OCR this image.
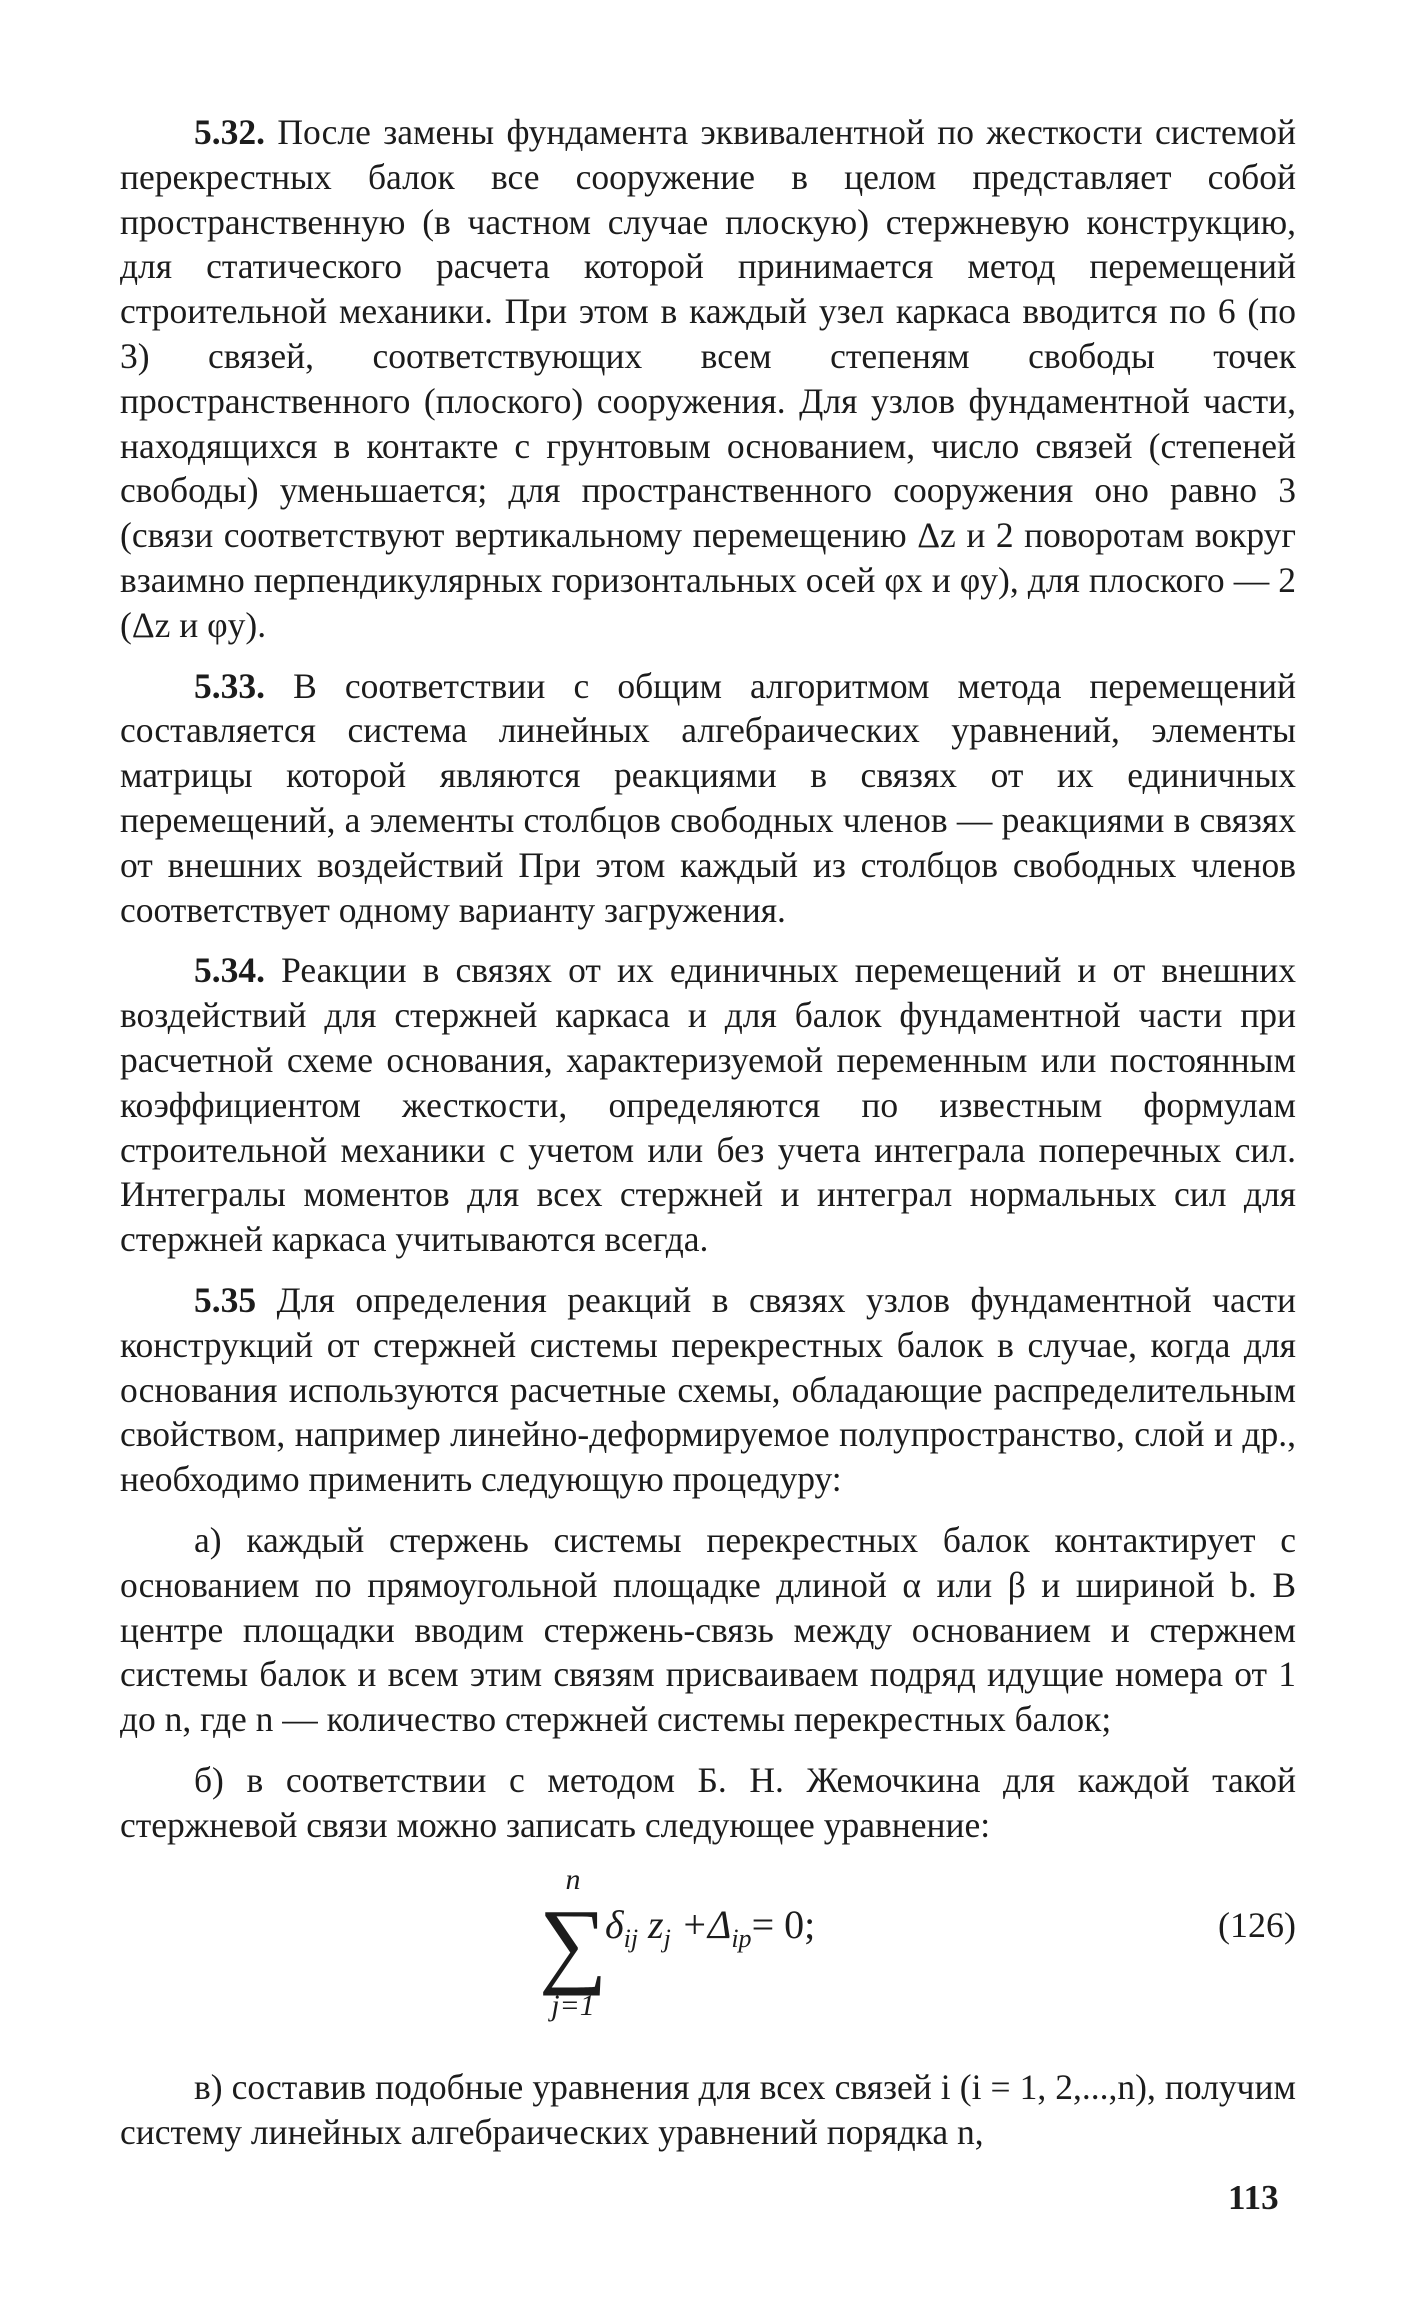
5.32. После замены фундамента эквивалентной по жесткости системой перекрестных балок все сооружение в целом представляет собой пространственную (в частном случае плоскую) стержневую конструкцию, для статического расчета которой принимается метод перемещений строительной механики. При этом в каждый узел каркаса вводится по 6 (по 3) связей, соответствующих всем степеням свободы точек пространственного (плоского) сооружения. Для узлов фундаментной части, находящихся в контакте с грунтовым основанием, число связей (степеней свободы) уменьшается; для пространственного сооружения оно равно 3 (связи соответствуют вертикальному перемещению Δz и 2 поворотам вокруг взаимно перпендикулярных горизонтальных осей φx и φy), для плоского — 2 (Δz и φy).

5.33. В соответствии с общим алгоритмом метода перемещений составляется система линейных алгебраических уравнений, элементы матрицы которой являются реакциями в связях от их единичных перемещений, а элементы столбцов свободных членов — реакциями в связях от внешних воздействий При этом каждый из столбцов свободных членов соответствует одному варианту загружения.

5.34. Реакции в связях от их единичных перемещений и от внешних воздействий для стержней каркаса и для балок фундаментной части при расчетной схеме основания, характеризуемой переменным или постоянным коэффициентом жесткости, определяются по известным формулам строительной механики с учетом или без учета интеграла поперечных сил. Интегралы моментов для всех стержней и интеграл нормальных сил для стержней каркаса учитываются всегда.

5.35 Для определения реакций в связях узлов фундаментной части конструкций от стержней системы перекрестных балок в случае, когда для основания используются расчетные схемы, обладающие распределительным свойством, например линейно-деформируемое полупространство, слой и др., необходимо применить следующую процедуру:

а) каждый стержень системы перекрестных балок контактирует с основанием по прямоугольной площадке длиной α или β и шириной b. В центре площадки вводим стержень-связь между основанием и стержнем системы балок и всем этим связям присваиваем подряд идущие номера от 1 до n, где n — количество стержней системы перекрестных балок;

б) в соответствии с методом Б. Н. Жемочкина для каждой такой стержневой связи можно записать следующее уравнение:

n
∑
j=1
$\delta_{ij}$ $z_j +\Delta_{ip}= 0$;	(126)

в) составив подобные уравнения для всех связей i (i = 1, 2,...,n), получим систему линейных алгебраических уравнений порядка n,

113
